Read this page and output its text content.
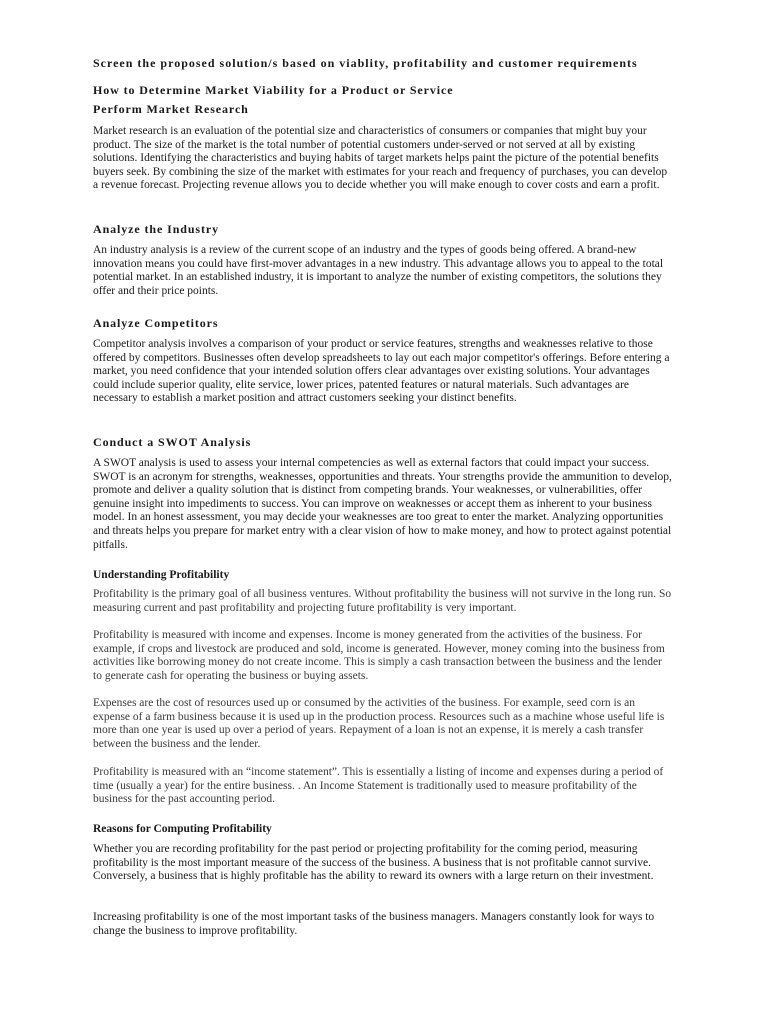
Screen the proposed solution/s based on viablity, profitability and customer requirements
How to Determine Market Viability for a Product or Service
Perform Market Research

Market research is an evaluation of the potential size and characteristics of consumers or companies that might buy your product. The size of the market is the total number of potential customers under-served or not served at all by existing solutions. Identifying the characteristics and buying habits of target markets helps paint the picture of the potential benefits buyers seek. By combining the size of the market with estimates for your reach and frequency of purchases, you can develop a revenue forecast. Projecting revenue allows you to decide whether you will make enough to cover costs and earn a profit.

Analyze the Industry

An industry analysis is a review of the current scope of an industry and the types of goods being offered. A brand-new innovation means you could have first-mover advantages in a new industry. This advantage allows you to appeal to the total potential market. In an established industry, it is important to analyze the number of existing competitors, the solutions they offer and their price points.

Analyze Competitors

Competitor analysis involves a comparison of your product or service features, strengths and weaknesses relative to those offered by competitors. Businesses often develop spreadsheets to lay out each major competitor's offerings. Before entering a market, you need confidence that your intended solution offers clear advantages over existing solutions. Your advantages could include superior quality, elite service, lower prices, patented features or natural materials. Such advantages are necessary to establish a market position and attract customers seeking your distinct benefits.

Conduct a SWOT Analysis

A SWOT analysis is used to assess your internal competencies as well as external factors that could impact your success. SWOT is an acronym for strengths, weaknesses, opportunities and threats. Your strengths provide the ammunition to develop, promote and deliver a quality solution that is distinct from competing brands. Your weaknesses, or vulnerabilities, offer genuine insight into impediments to success. You can improve on weaknesses or accept them as inherent to your business model. In an honest assessment, you may decide your weaknesses are too great to enter the market. Analyzing opportunities and threats helps you prepare for market entry with a clear vision of how to make money, and how to protect against potential pitfalls.

Understanding Profitability

Profitability is the primary goal of all business ventures. Without profitability the business will not survive in the long run. So measuring current and past profitability and projecting future profitability is very important.

Profitability is measured with income and expenses. Income is money generated from the activities of the business. For example, if crops and livestock are produced and sold, income is generated. However, money coming into the business from activities like borrowing money do not create income. This is simply a cash transaction between the business and the lender to generate cash for operating the business or buying assets.

Expenses are the cost of resources used up or consumed by the activities of the business. For example, seed corn is an expense of a farm business because it is used up in the production process. Resources such as a machine whose useful life is more than one year is used up over a period of years. Repayment of a loan is not an expense, it is merely a cash transfer between the business and the lender.

Profitability is measured with an “income statement”. This is essentially a listing of income and expenses during a period of time (usually a year) for the entire business. . An Income Statement is traditionally used to measure profitability of the business for the past accounting period.

Reasons for Computing Profitability

Whether you are recording profitability for the past period or projecting profitability for the coming period, measuring profitability is the most important measure of the success of the business. A business that is not profitable cannot survive. Conversely, a business that is highly profitable has the ability to reward its owners with a large return on their investment.

Increasing profitability is one of the most important tasks of the business managers. Managers constantly look for ways to change the business to improve profitability.
